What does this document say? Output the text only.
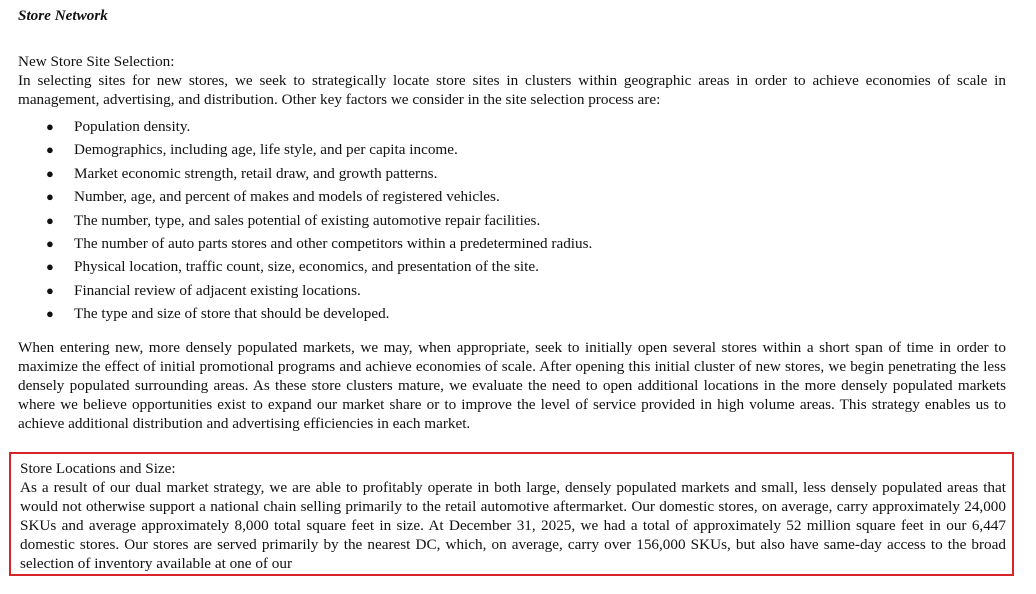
Store Network
New Store Site Selection:

In selecting sites for new stores, we seek to strategically locate store sites in clusters within geographic areas in order to achieve economies of scale in management, advertising, and distribution. Other key factors we consider in the site selection process are:

● Population density.
● Demographics, including age, life style, and per capita income.
● Market economic strength, retail draw, and growth patterns.
● Number, age, and percent of makes and models of registered vehicles.
● The number, type, and sales potential of existing automotive repair facilities.
● The number of auto parts stores and other competitors within a predetermined radius.
● Physical location, traffic count, size, economics, and presentation of the site.
● Financial review of adjacent existing locations.
● The type and size of store that should be developed.

When entering new, more densely populated markets, we may, when appropriate, seek to initially open several stores within a short span of time in order to maximize the effect of initial promotional programs and achieve economies of scale. After opening this initial cluster of new stores, we begin penetrating the less densely populated surrounding areas. As these store clusters mature, we evaluate the need to open additional locations in the more densely populated markets where we believe opportunities exist to expand our market share or to improve the level of service provided in high volume areas. This strategy enables us to achieve additional distribution and advertising efficiencies in each market.

Store Locations and Size:

As a result of our dual market strategy, we are able to profitably operate in both large, densely populated markets and small, less densely populated areas that would not otherwise support a national chain selling primarily to the retail automotive aftermarket. Our domestic stores, on average, carry approximately 24,000 SKUs and average approximately 8,000 total square feet in size. At December 31, 2025, we had a total of approximately 52 million square feet in our 6,447 domestic stores. Our stores are served primarily by the nearest DC, which, on average, carry over 156,000 SKUs, but also have same-day access to the broad selection of inventory available at one of our
